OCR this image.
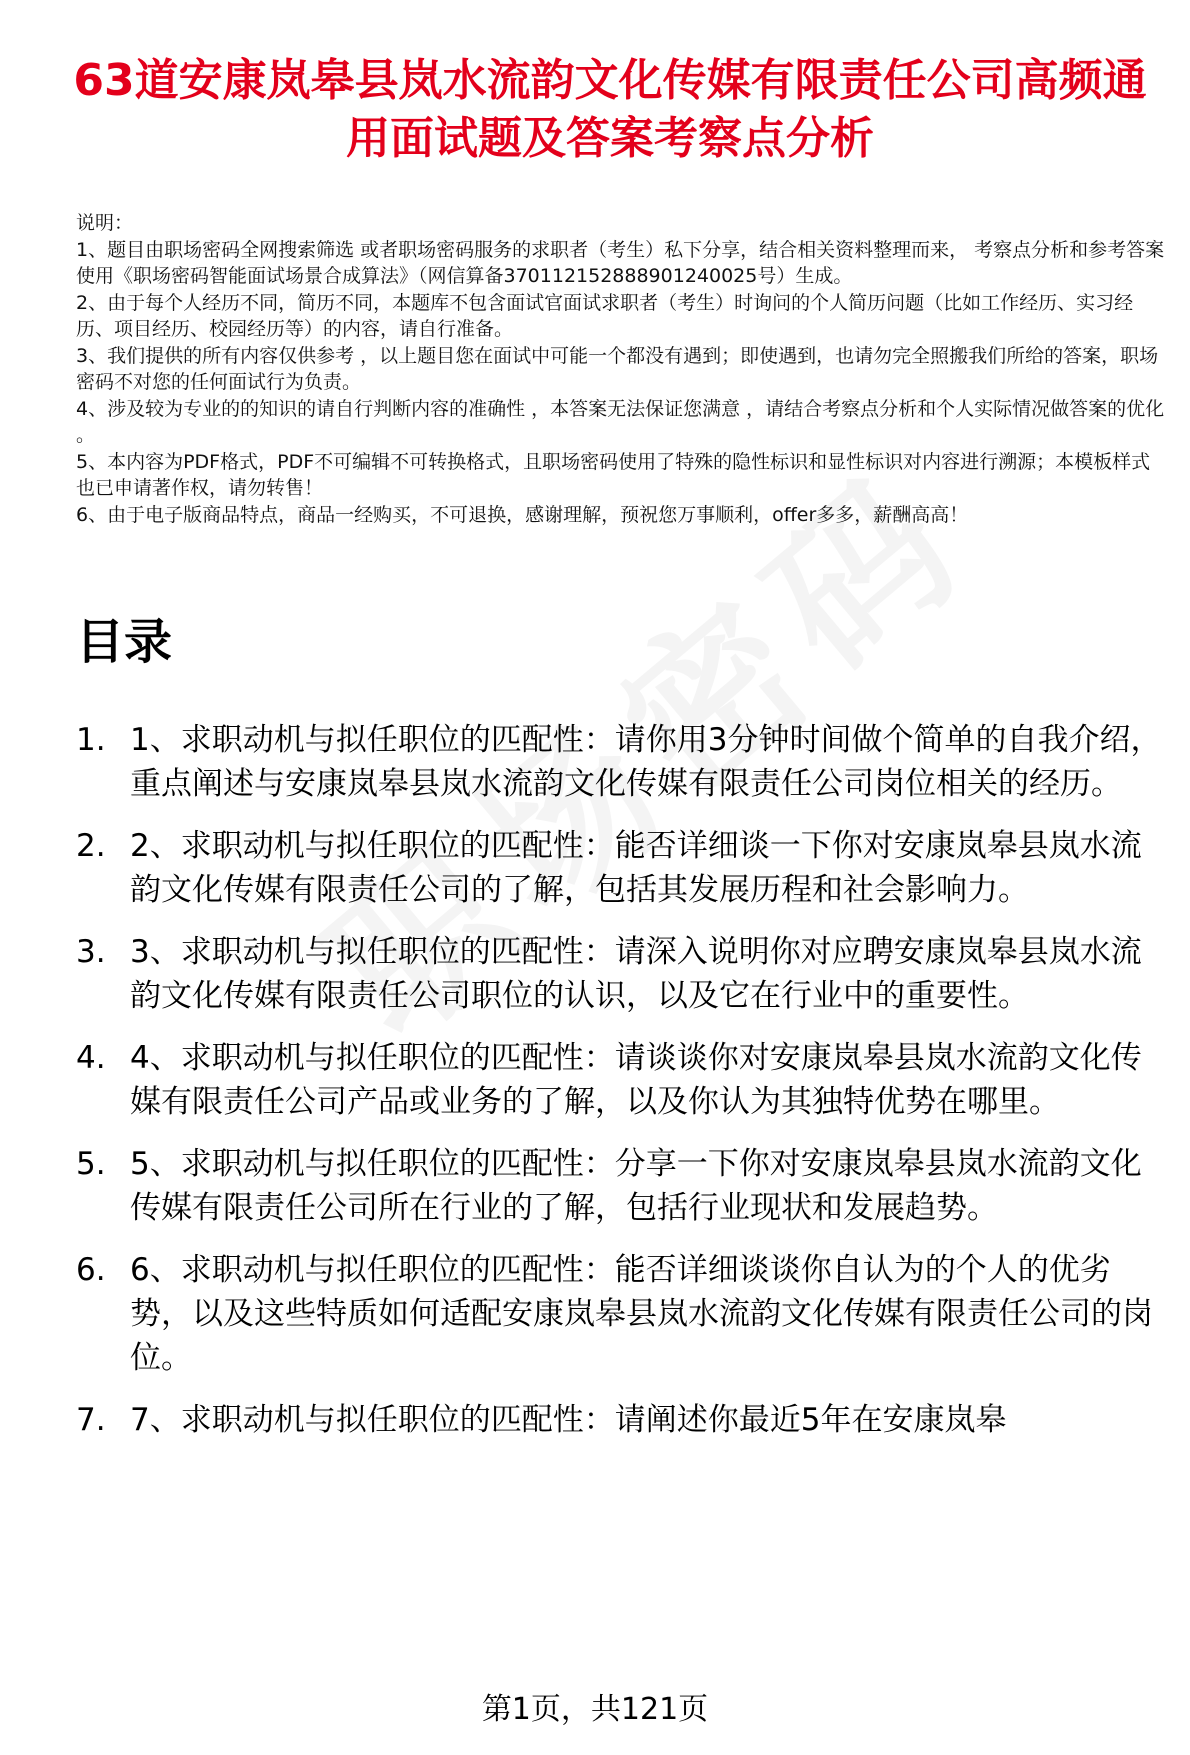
63道安康岚皋县岚水流韵文化传媒有限责任公司高频通用面试题及答案考察点分析

说明：

1、题目由职场密码全网搜索筛选 或者职场密码服务的求职者（考生）私下分享，结合相关资料整理而来， 考察点分析和参考答案使用《职场密码智能面试场景合成算法》（网信算备370112152888901240025号）生成。

2、由于每个人经历不同，简历不同，本题库不包含面试官面试求职者（考生）时询问的个人简历问题（比如工作经历、实习经历、项目经历、校园经历等）的内容，请自行准备。

3、我们提供的所有内容仅供参考 ，以上题目您在面试中可能一个都没有遇到；即使遇到，也请勿完全照搬我们所给的答案，职场密码不对您的任何面试行为负责。

4、涉及较为专业的的知识的请自行判断内容的准确性 ，本答案无法保证您满意 ，请结合考察点分析和个人实际情况做答案的优化 。

5、本内容为PDF格式，PDF不可编辑不可转换格式，且职场密码使用了特殊的隐性标识和显性标识对内容进行溯源；本模板样式也已申请著作权，请勿转售！

6、由于电子版商品特点，商品一经购买，不可退换，感谢理解，预祝您万事顺利，offer多多，薪酬高高！

目录
1. 1、求职动机与拟任职位的匹配性：请你用3分钟时间做个简单的自我介绍，重点阐述与安康岚皋县岚水流韵文化传媒有限责任公司岗位相关的经历。
2. 2、求职动机与拟任职位的匹配性：能否详细谈一下你对安康岚皋县岚水流韵文化传媒有限责任公司的了解，包括其发展历程和社会影响力。
3. 3、求职动机与拟任职位的匹配性：请深入说明你对应聘安康岚皋县岚水流韵文化传媒有限责任公司职位的认识，以及它在行业中的重要性。
4. 4、求职动机与拟任职位的匹配性：请谈谈你对安康岚皋县岚水流韵文化传媒有限责任公司产品或业务的了解，以及你认为其独特优势在哪里。
5. 5、求职动机与拟任职位的匹配性：分享一下你对安康岚皋县岚水流韵文化传媒有限责任公司所在行业的了解，包括行业现状和发展趋势。
6. 6、求职动机与拟任职位的匹配性：能否详细谈谈你自认为的个人的优劣势，以及这些特质如何适配安康岚皋县岚水流韵文化传媒有限责任公司的岗位。
7. 7、求职动机与拟任职位的匹配性：请阐述你最近5年在安康岚皋
第1页，共121页
